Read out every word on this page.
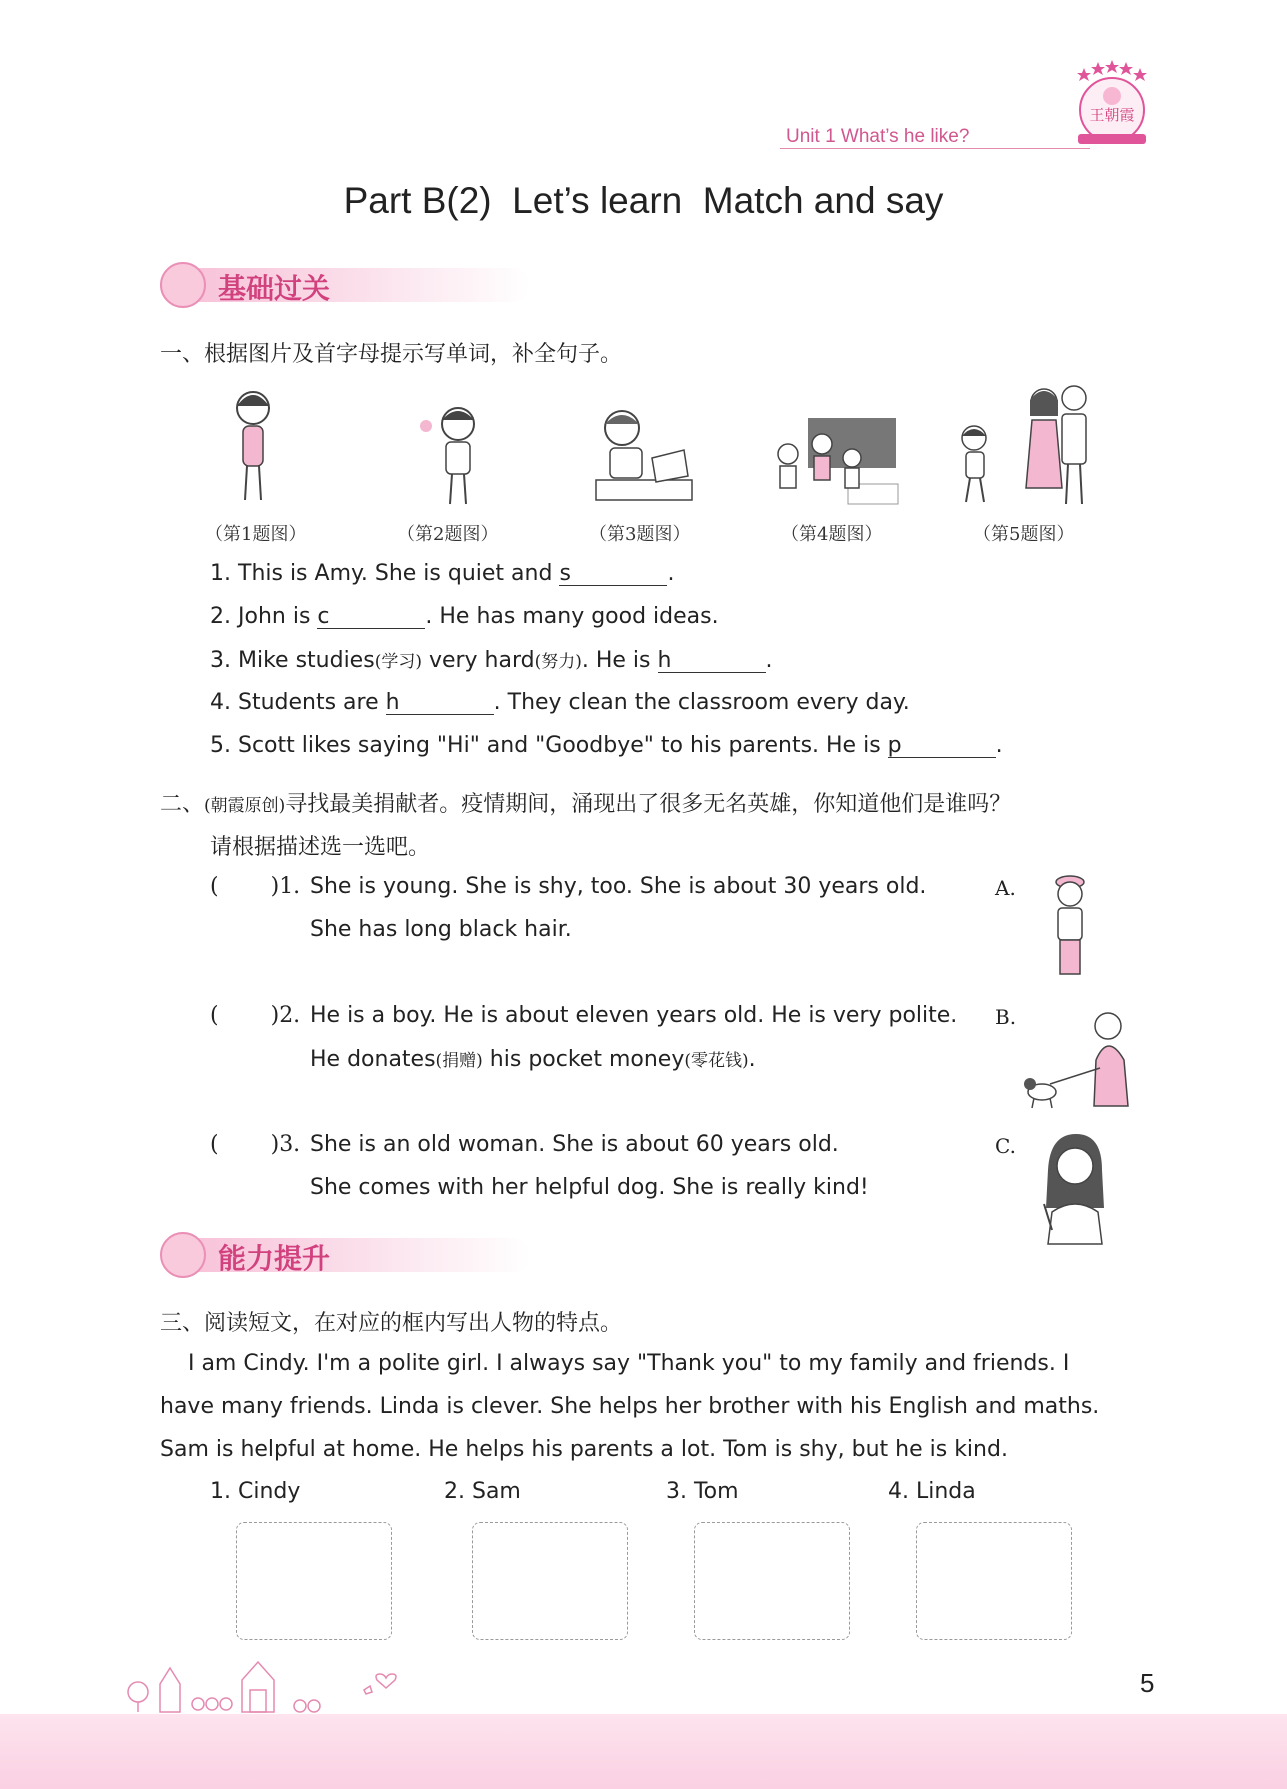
Unit 1 What’s he like?
王朝霞
Part B(2)  Let’s learn  Match and say
基础过关
一、根据图片及首字母提示写单词，补全句子。
（第1题图）	（第2题图）	（第3题图）	（第4题图）	（第5题图）
1. This is Amy. She is quiet and s	.
2. John is c	. He has many good ideas.
3. Mike studies(学习) very hard(努力). He is h	.
4. Students are h	. They clean the classroom every day.
5. Scott likes saying "Hi" and "Goodbye" to his parents. He is p	.
二、(朝霞原创)寻找最美捐献者。疫情期间，涌现出了很多无名英雄，你知道他们是谁吗？
请根据描述选一选吧。
( )1. She is young. She is shy, too. She is about 30 years old.
She has long black hair.
( )2. He is a boy. He is about eleven years old. He is very polite.
He donates(捐赠) his pocket money(零花钱).
( )3. She is an old woman. She is about 60 years old.
She comes with her helpful dog. She is really kind!
A.
B.
C.
能力提升
三、阅读短文，在对应的框内写出人物的特点。

I am Cindy. I'm a polite girl. I always say "Thank you" to my family and friends. I

have many friends. Linda is clever. She helps her brother with his English and maths.

Sam is helpful at home. He helps his parents a lot. Tom is shy, but he is kind.

1. Cindy	2. Sam	3. Tom	4. Linda
5
